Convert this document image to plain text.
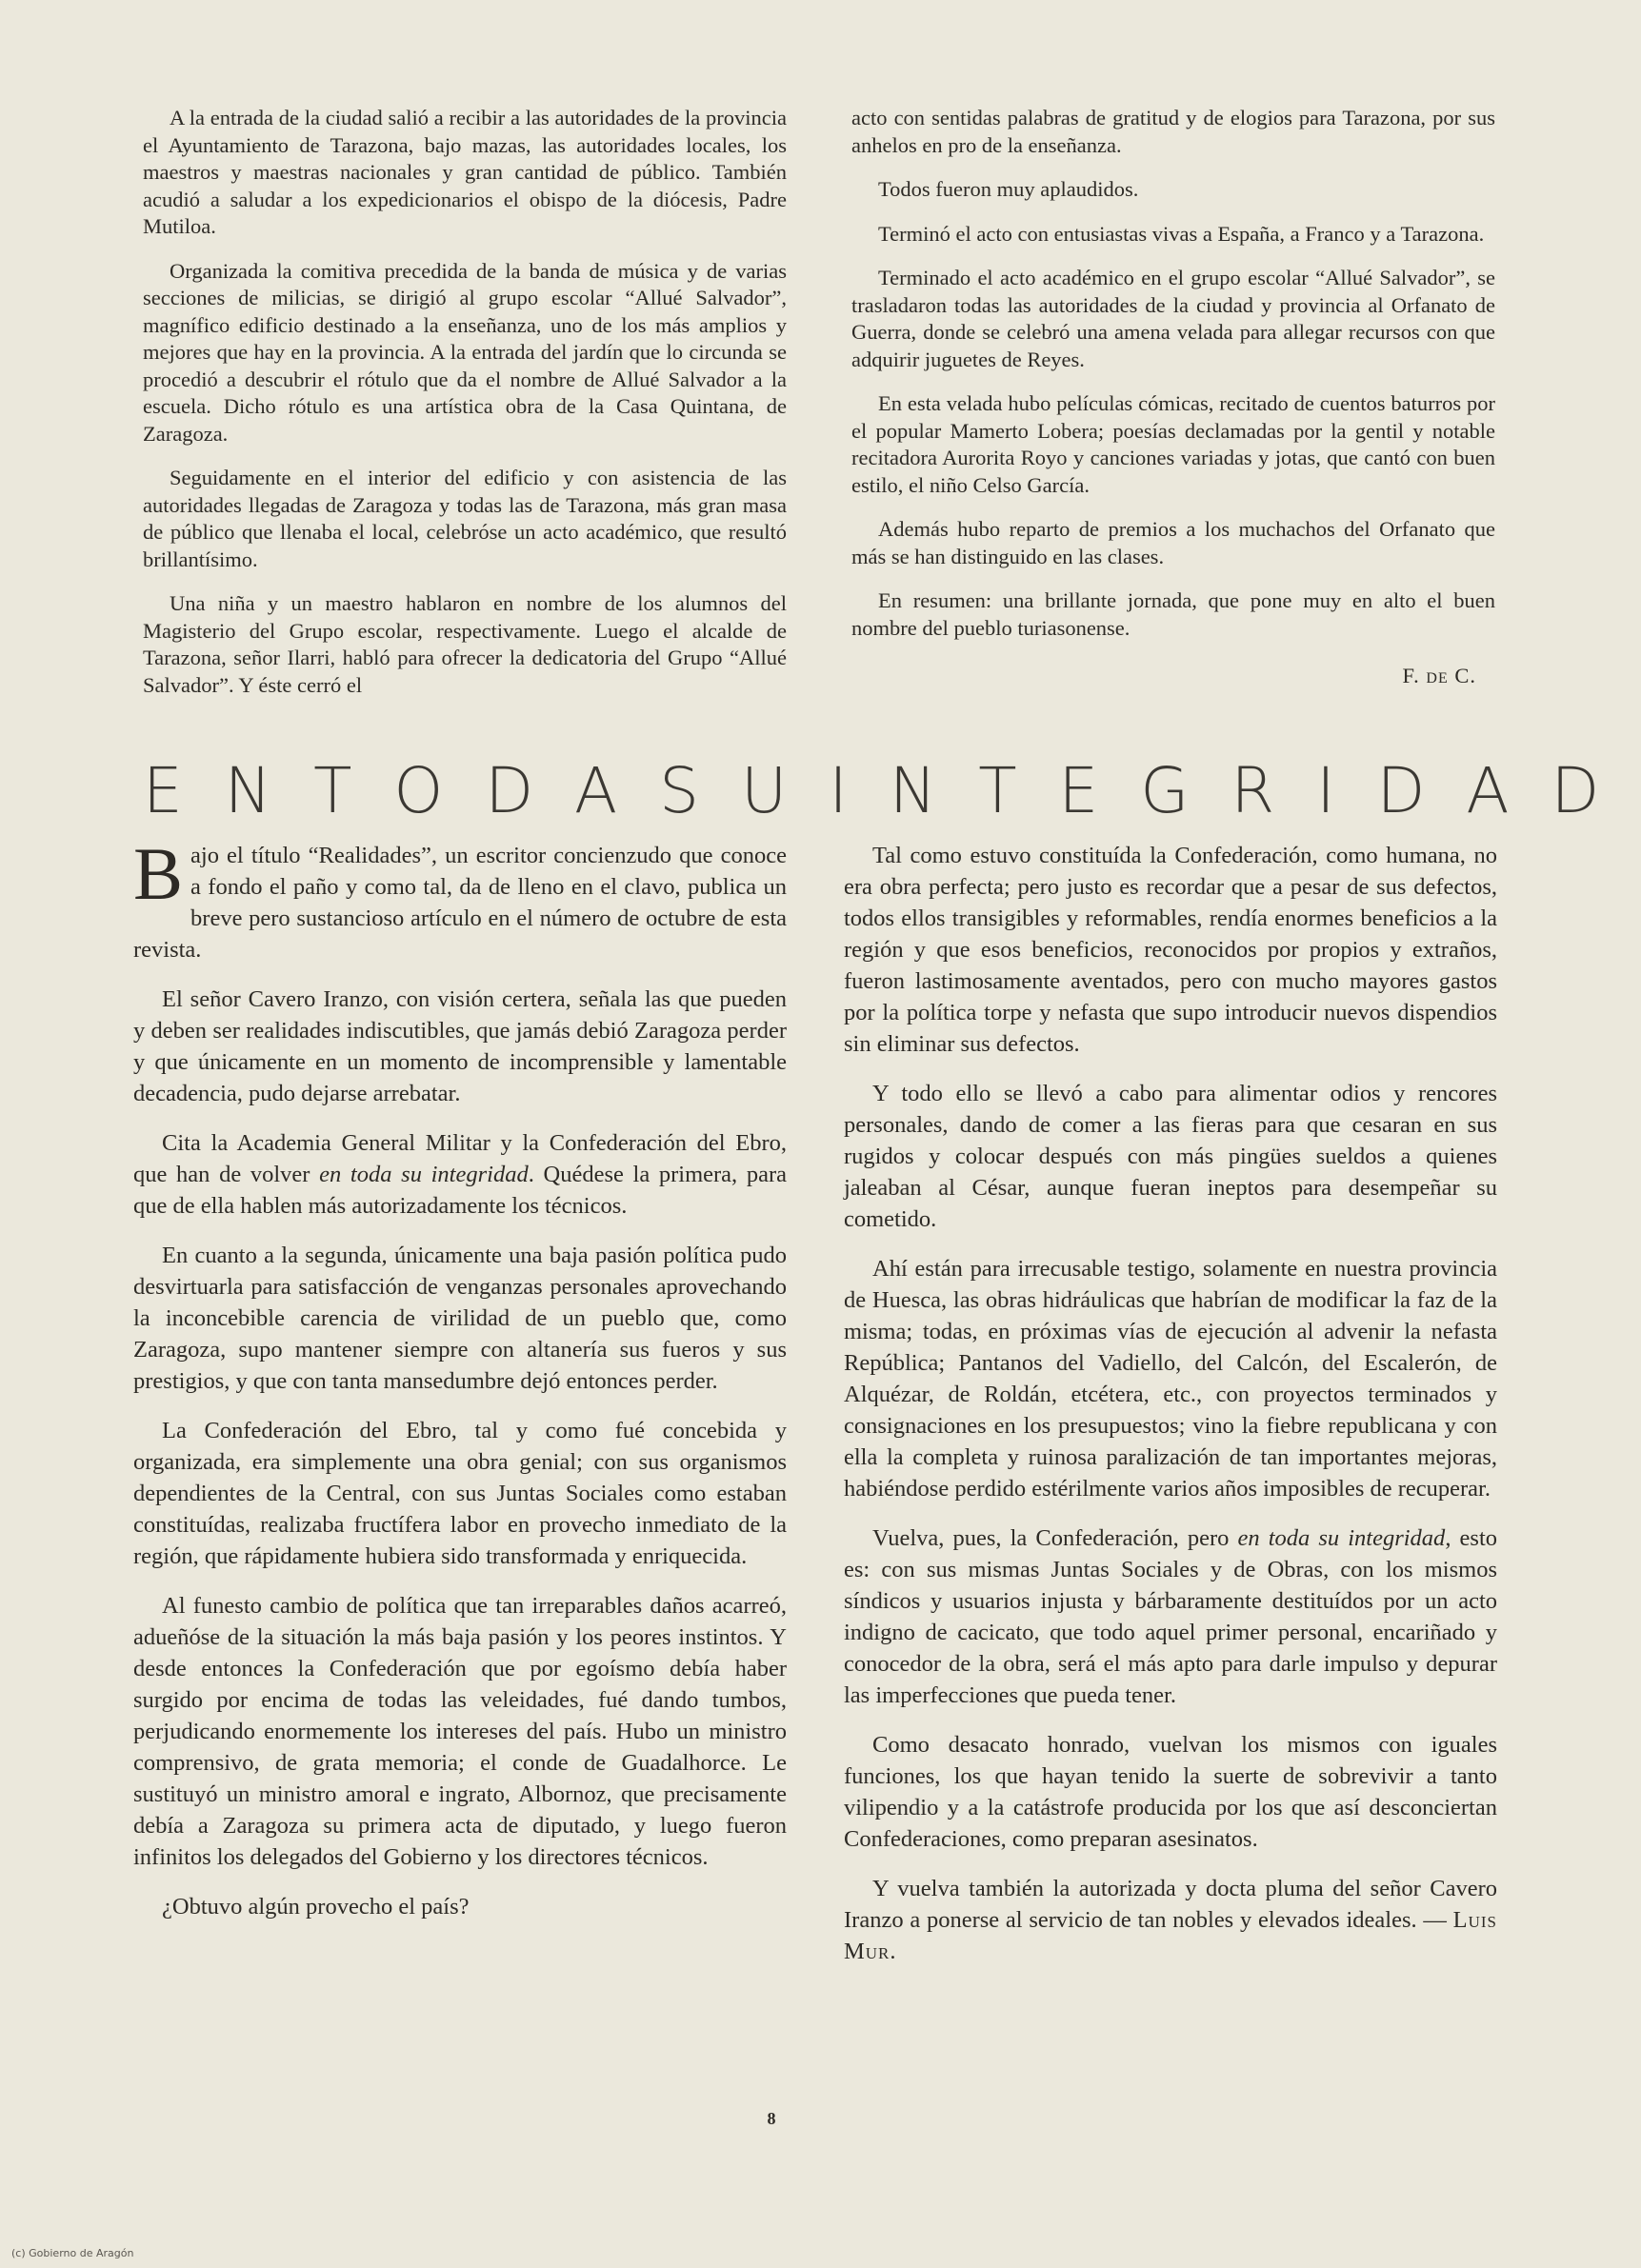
A la entrada de la ciudad salió a recibir a las autoridades de la provincia el Ayuntamiento de Tarazona, bajo mazas, las autoridades locales, los maestros y maestras nacionales y gran cantidad de público. También acudió a saludar a los expedicionarios el obispo de la diócesis, Padre Mutiloa.

Organizada la comitiva precedida de la banda de música y de varias secciones de milicias, se dirigió al grupo escolar “Allué Salvador”, magnífico edificio destinado a la enseñanza, uno de los más amplios y mejores que hay en la provincia. A la entrada del jardín que lo circunda se procedió a descubrir el rótulo que da el nombre de Allué Salvador a la escuela. Dicho rótulo es una artística obra de la Casa Quintana, de Zaragoza.

Seguidamente en el interior del edificio y con asistencia de las autoridades llegadas de Zaragoza y todas las de Tarazona, más gran masa de público que llenaba el local, celebróse un acto académico, que resultó brillantísimo.

Una niña y un maestro hablaron en nombre de los alumnos del Magisterio del Grupo escolar, respectivamente. Luego el alcalde de Tarazona, señor Ilarri, habló para ofrecer la dedicatoria del Grupo “Allué Salvador”. Y éste cerró el

acto con sentidas palabras de gratitud y de elogios para Tarazona, por sus anhelos en pro de la enseñanza.

Todos fueron muy aplaudidos.

Terminó el acto con entusiastas vivas a España, a Franco y a Tarazona.

Terminado el acto académico en el grupo escolar “Allué Salvador”, se trasladaron todas las autoridades de la ciudad y provincia al Orfanato de Guerra, donde se celebró una amena velada para allegar recursos con que adquirir juguetes de Reyes.

En esta velada hubo películas cómicas, recitado de cuentos baturros por el popular Mamerto Lobera; poesías declamadas por la gentil y notable recitadora Aurorita Royo y canciones variadas y jotas, que cantó con buen estilo, el niño Celso García.

Además hubo reparto de premios a los muchachos del Orfanato que más se han distinguido en las clases.

En resumen: una brillante jornada, que pone muy en alto el buen nombre del pueblo turiasonense.

F. de C.

EN TODA SU INTEGRIDAD

Bajo el título “Realidades”, un escritor concienzudo que conoce a fondo el paño y como tal, da de lleno en el clavo, publica un breve pero sustancioso artículo en el número de octubre de esta revista.

El señor Cavero Iranzo, con visión certera, señala las que pueden y deben ser realidades indiscutibles, que jamás debió Zaragoza perder y que únicamente en un momento de incomprensible y lamentable decadencia, pudo dejarse arrebatar.

Cita la Academia General Militar y la Confederación del Ebro, que han de volver en toda su integridad. Quédese la primera, para que de ella hablen más autorizadamente los técnicos.

En cuanto a la segunda, únicamente una baja pasión política pudo desvirtuarla para satisfacción de venganzas personales aprovechando la inconcebible carencia de virilidad de un pueblo que, como Zaragoza, supo mantener siempre con altanería sus fueros y sus prestigios, y que con tanta mansedumbre dejó entonces perder.

La Confederación del Ebro, tal y como fué concebida y organizada, era simplemente una obra genial; con sus organismos dependientes de la Central, con sus Juntas Sociales como estaban constituídas, realizaba fructífera labor en provecho inmediato de la región, que rápidamente hubiera sido transformada y enriquecida.

Al funesto cambio de política que tan irreparables daños acarreó, adueñóse de la situación la más baja pasión y los peores instintos. Y desde entonces la Confederación que por egoísmo debía haber surgido por encima de todas las veleidades, fué dando tumbos, perjudicando enormemente los intereses del país. Hubo un ministro comprensivo, de grata memoria; el conde de Guadalhorce. Le sustituyó un ministro amoral e ingrato, Albornoz, que precisamente debía a Zaragoza su primera acta de diputado, y luego fueron infinitos los delegados del Gobierno y los directores técnicos.

¿Obtuvo algún provecho el país?

Tal como estuvo constituída la Confederación, como humana, no era obra perfecta; pero justo es recordar que a pesar de sus defectos, todos ellos transigibles y reformables, rendía enormes beneficios a la región y que esos beneficios, reconocidos por propios y extraños, fueron lastimosamente aventados, pero con mucho mayores gastos por la política torpe y nefasta que supo introducir nuevos dispendios sin eliminar sus defectos.

Y todo ello se llevó a cabo para alimentar odios y rencores personales, dando de comer a las fieras para que cesaran en sus rugidos y colocar después con más pingües sueldos a quienes jaleaban al César, aunque fueran ineptos para desempeñar su cometido.

Ahí están para irrecusable testigo, solamente en nuestra provincia de Huesca, las obras hidráulicas que habrían de modificar la faz de la misma; todas, en próximas vías de ejecución al advenir la nefasta República; Pantanos del Vadiello, del Calcón, del Escalerón, de Alquézar, de Roldán, etcétera, etc., con proyectos terminados y consignaciones en los presupuestos; vino la fiebre republicana y con ella la completa y ruinosa paralización de tan importantes mejoras, habiéndose perdido estérilmente varios años imposibles de recuperar.

Vuelva, pues, la Confederación, pero en toda su integridad, esto es: con sus mismas Juntas Sociales y de Obras, con los mismos síndicos y usuarios injusta y bárbaramente destituídos por un acto indigno de cacicato, que todo aquel primer personal, encariñado y conocedor de la obra, será el más apto para darle impulso y depurar las imperfecciones que pueda tener.

Como desacato honrado, vuelvan los mismos con iguales funciones, los que hayan tenido la suerte de sobrevivir a tanto vilipendio y a la catástrofe producida por los que así desconciertan Confederaciones, como preparan asesinatos.

Y vuelva también la autorizada y docta pluma del señor Cavero Iranzo a ponerse al servicio de tan nobles y elevados ideales. — Luis Mur.

8
(c) Gobierno de Aragón
